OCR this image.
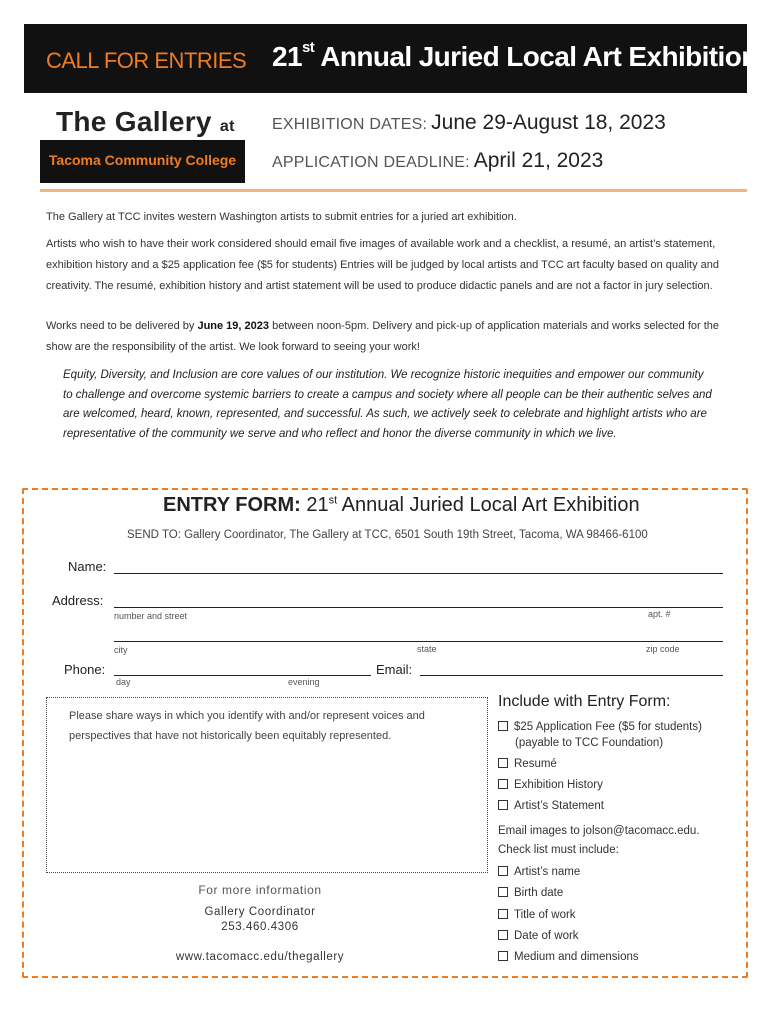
CALL FOR ENTRIES 21st Annual Juried Local Art Exhibition
The Gallery at
Tacoma Community College
EXHIBITION DATES: June 29-August 18, 2023
APPLICATION DEADLINE: April 21, 2023
The Gallery at TCC invites western Washington artists to submit entries for a juried art exhibition.
Artists who wish to have their work considered should email five images of available work and a checklist, a resumé, an artist’s statement, exhibition history and a $25 application fee ($5 for students) Entries will be judged by local artists and TCC art faculty based on quality and creativity. The resumé, exhibition history and artist statement will be used to produce didactic panels and are not a factor in jury selection.
Works need to be delivered by June 19, 2023 between noon-5pm. Delivery and pick-up of application materials and works selected for the show are the responsibility of the artist. We look forward to seeing your work!
Equity, Diversity, and Inclusion are core values of our institution. We recognize historic inequities and empower our community to challenge and overcome systemic barriers to create a campus and society where all people can be their authentic selves and are welcomed, heard, known, represented, and successful. As such, we actively seek to celebrate and highlight artists who are representative of the community we serve and who reflect and honor the diverse community in which we live.
ENTRY FORM: 21st Annual Juried Local Art Exhibition
SEND TO: Gallery Coordinator, The Gallery at TCC, 6501 South 19th Street, Tacoma, WA 98466-6100
Name:
Address:
number and street	apt. #
city	state	zip code
Phone:
day	evening
Email:
Please share ways in which you identify with and/or represent voices and perspectives that have not historically been equitably represented.
Include with Entry Form:
$25 Application Fee ($5 for students)
(payable to TCC Foundation)
Resumé
Exhibition History
Artist’s Statement
Email images to jolson@tacomacc.edu.
Check list must include:
Artist’s name
Birth date
Title of work
Date of work
Medium and dimensions
For more information
Gallery Coordinator
253.460.4306
www.tacomacc.edu/thegallery
